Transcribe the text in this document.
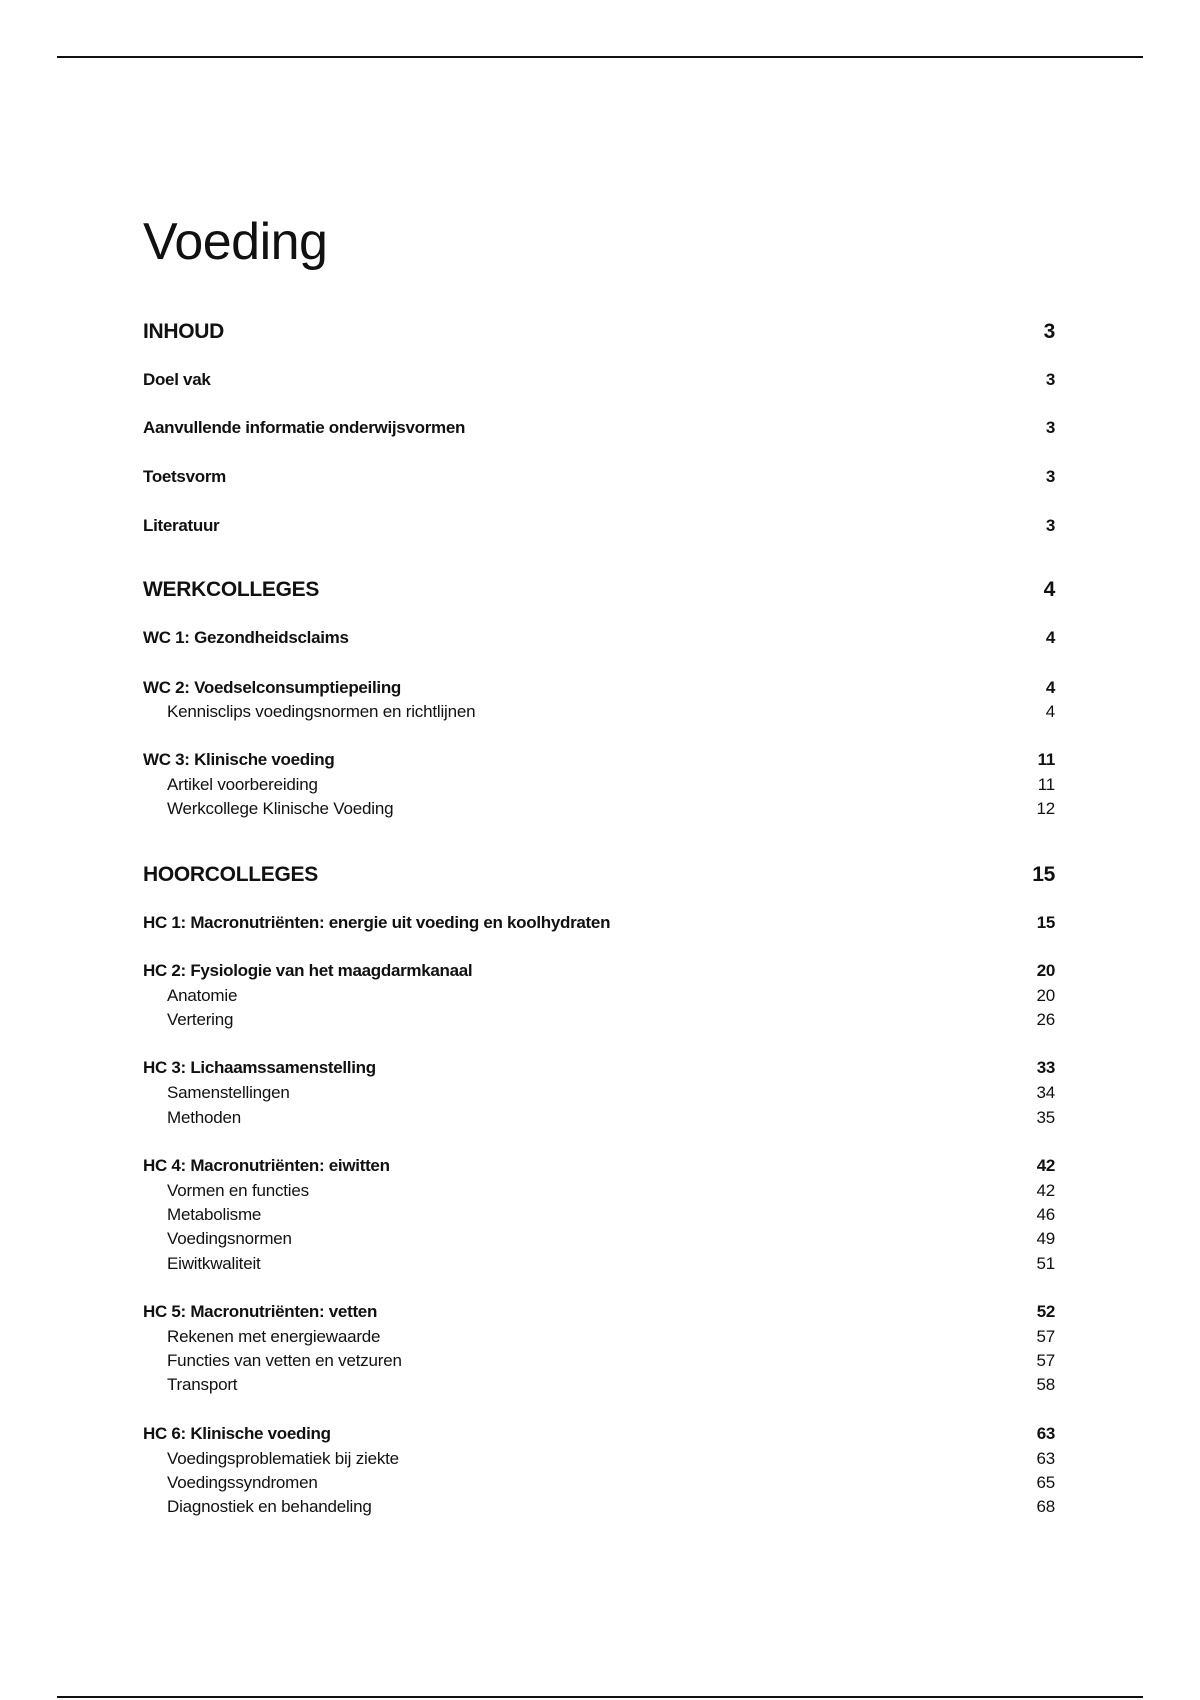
Voeding
INHOUD	3
Doel vak	3
Aanvullende informatie onderwijsvormen	3
Toetsvorm	3
Literatuur	3
WERKCOLLEGES	4
WC 1: Gezondheidsclaims	4
WC 2: Voedselconsumptiepeiling	4
Kennisclips voedingsnormen en richtlijnen	4
WC 3: Klinische voeding	11
Artikel voorbereiding	11
Werkcollege Klinische Voeding	12
HOORCOLLEGES	15
HC 1: Macronutriënten: energie uit voeding en koolhydraten	15
HC 2: Fysiologie van het maagdarmkanaal	20
Anatomie	20
Vertering	26
HC 3: Lichaamssamenstelling	33
Samenstellingen	34
Methoden	35
HC 4: Macronutriënten: eiwitten	42
Vormen en functies	42
Metabolisme	46
Voedingsnormen	49
Eiwitkwaliteit	51
HC 5: Macronutriënten: vetten	52
Rekenen met energiewaarde	57
Functies van vetten en vetzuren	57
Transport	58
HC 6: Klinische voeding	63
Voedingsproblematiek bij ziekte	63
Voedingssyndromen	65
Diagnostiek en behandeling	68
